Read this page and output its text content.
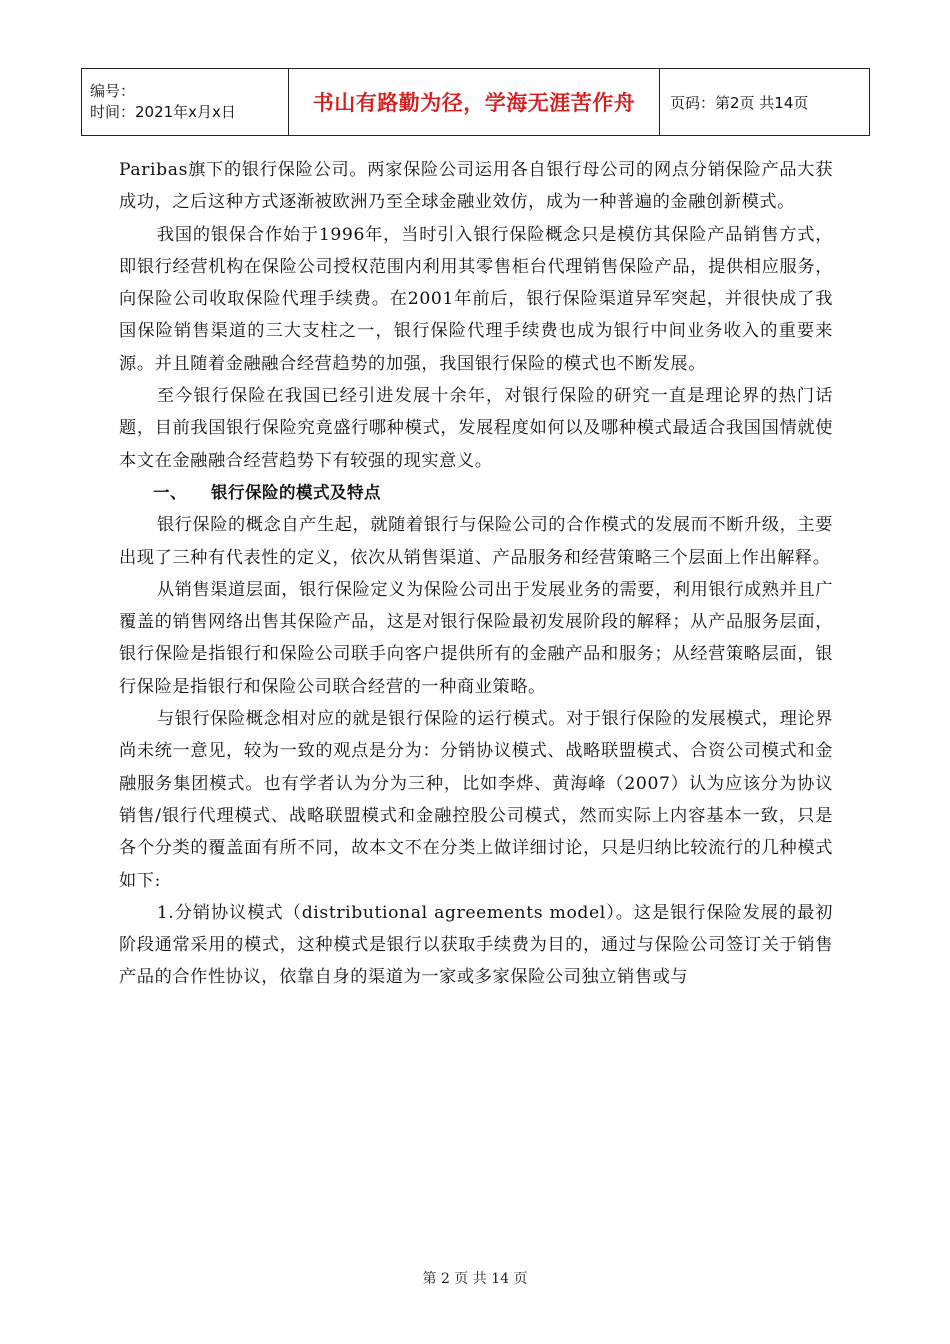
编号：
时间：2021年x月x日	书山有路勤为径，学海无涯苦作舟	页码：第2页 共14页

Paribas旗下的银行保险公司。两家保险公司运用各自银行母公司的网点分销保险产品大获成功，之后这种方式逐渐被欧洲乃至全球金融业效仿，成为一种普遍的金融创新模式。

我国的银保合作始于1996年，当时引入银行保险概念只是模仿其保险产品销售方式，即银行经营机构在保险公司授权范围内利用其零售柜台代理销售保险产品，提供相应服务，向保险公司收取保险代理手续费。在2001年前后，银行保险渠道异军突起，并很快成了我国保险销售渠道的三大支柱之一，银行保险代理手续费也成为银行中间业务收入的重要来源。并且随着金融融合经营趋势的加强，我国银行保险的模式也不断发展。

至今银行保险在我国已经引进发展十余年，对银行保险的研究一直是理论界的热门话题，目前我国银行保险究竟盛行哪种模式，发展程度如何以及哪种模式最适合我国国情就使本文在金融融合经营趋势下有较强的现实意义。

一、 银行保险的模式及特点

银行保险的概念自产生起，就随着银行与保险公司的合作模式的发展而不断升级，主要出现了三种有代表性的定义，依次从销售渠道、产品服务和经营策略三个层面上作出解释。

从销售渠道层面，银行保险定义为保险公司出于发展业务的需要，利用银行成熟并且广覆盖的销售网络出售其保险产品，这是对银行保险最初发展阶段的解释；从产品服务层面，银行保险是指银行和保险公司联手向客户提供所有的金融产品和服务；从经营策略层面，银行保险是指银行和保险公司联合经营的一种商业策略。

与银行保险概念相对应的就是银行保险的运行模式。对于银行保险的发展模式，理论界尚未统一意见，较为一致的观点是分为：分销协议模式、战略联盟模式、合资公司模式和金融服务集团模式。也有学者认为分为三种，比如李烨、黄海峰（2007）认为应该分为协议销售/银行代理模式、战略联盟模式和金融控股公司模式，然而实际上内容基本一致，只是各个分类的覆盖面有所不同，故本文不在分类上做详细讨论，只是归纳比较流行的几种模式如下:

1.分销协议模式（distributional agreements model）。这是银行保险发展的最初阶段通常采用的模式，这种模式是银行以获取手续费为目的，通过与保险公司签订关于销售产品的合作性协议，依靠自身的渠道为一家或多家保险公司独立销售或与

第 2 页 共 14 页
